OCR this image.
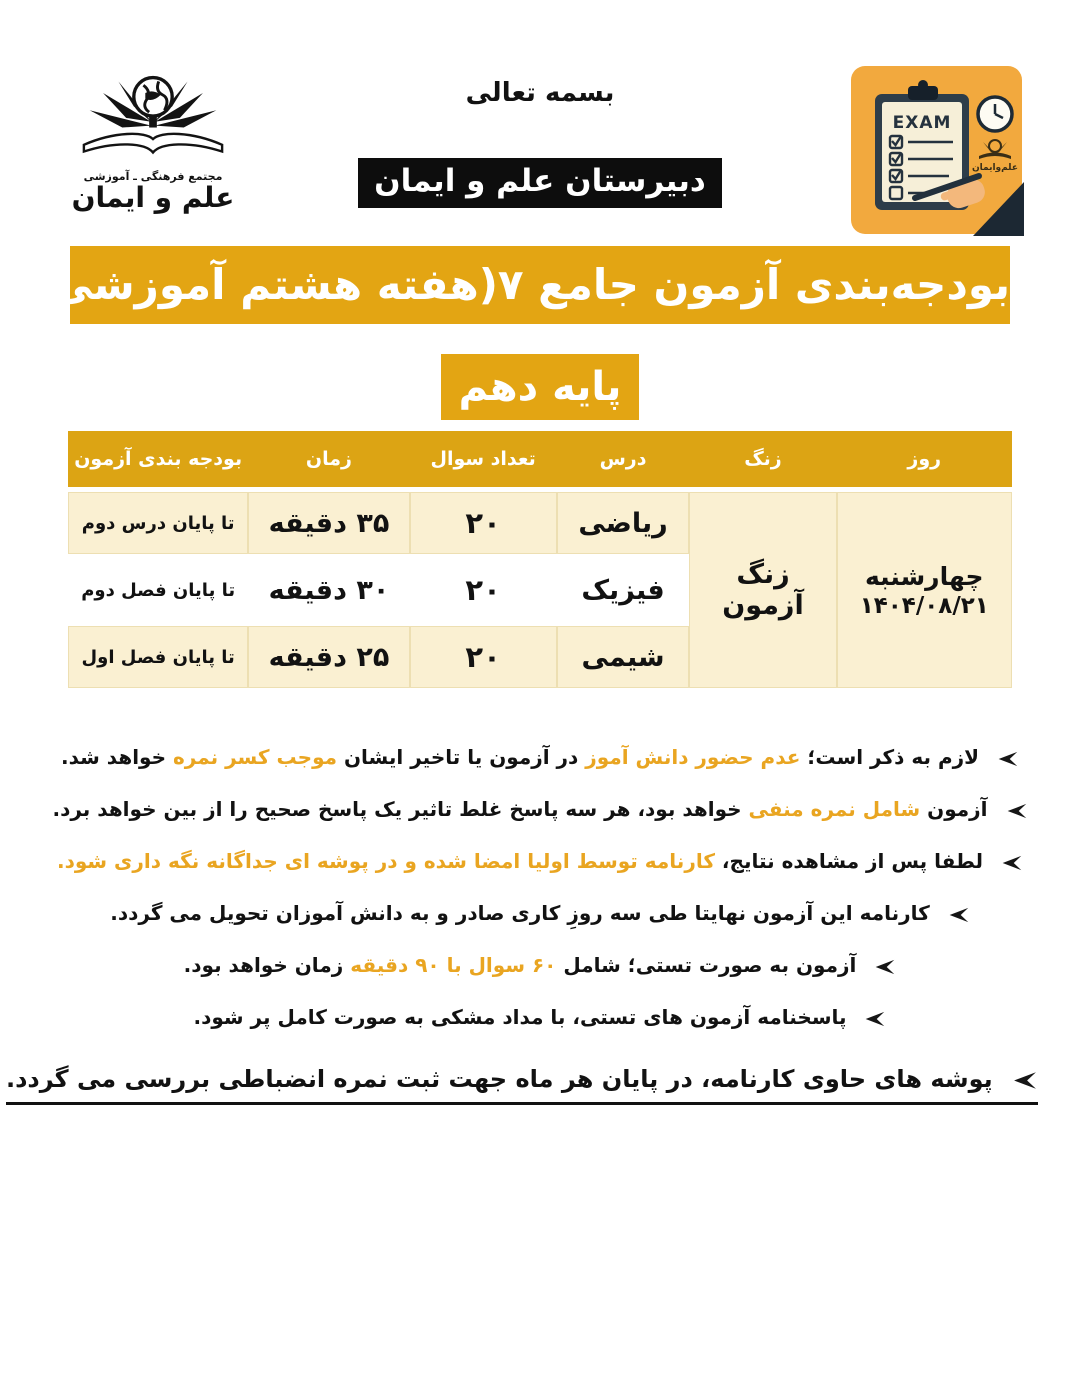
مجتمع فرهنگی ـ آموزشی
علم و ایمان
EXAM
علم‌وایمان
بسمه تعالی
دبیرستان علم و ایمان
بودجه‌بندی آزمون جامع ۷(هفته هشتم آموزشی)
پایه دهم
روز	زنگ	درس	تعداد سوال	زمان	بودجه بندی آزمون

چهارشنبه
۱۴۰۴/۰۸/۲۱	زنگ آزمون	ریاضی	۲۰	۳۵ دقیقه	تا پایان درس دوم
		فیزیک	۲۰	۳۰ دقیقه	تا پایان فصل دوم
		شیمی	۲۰	۲۵ دقیقه	تا پایان فصل اول
لازم به ذکر است؛ عدم حضور دانش آموز در آزمون یا تاخیر ایشان موجب کسر نمره خواهد شد.
آزمون شامل نمره منفی خواهد بود، هر سه پاسخ غلط تاثیر یک پاسخ صحیح را از بین خواهد برد.
لطفا پس از مشاهده نتایج، کارنامه توسط اولیا امضا شده و در پوشه ای جداگانه نگه داری شود.
کارنامه این آزمون نهایتا طی سه روزِ کاری صادر و به دانش آموزان تحویل می گردد.
آزمون به صورت تستی؛ شامل ۶۰ سوال با ۹۰ دقیقه زمان خواهد بود.
پاسخنامه آزمون های تستی، با مداد مشکی به صورت کامل پر شود.
پوشه های حاوی کارنامه، در پایان هر ماه جهت ثبت نمره انضباطی بررسی می گردد.
